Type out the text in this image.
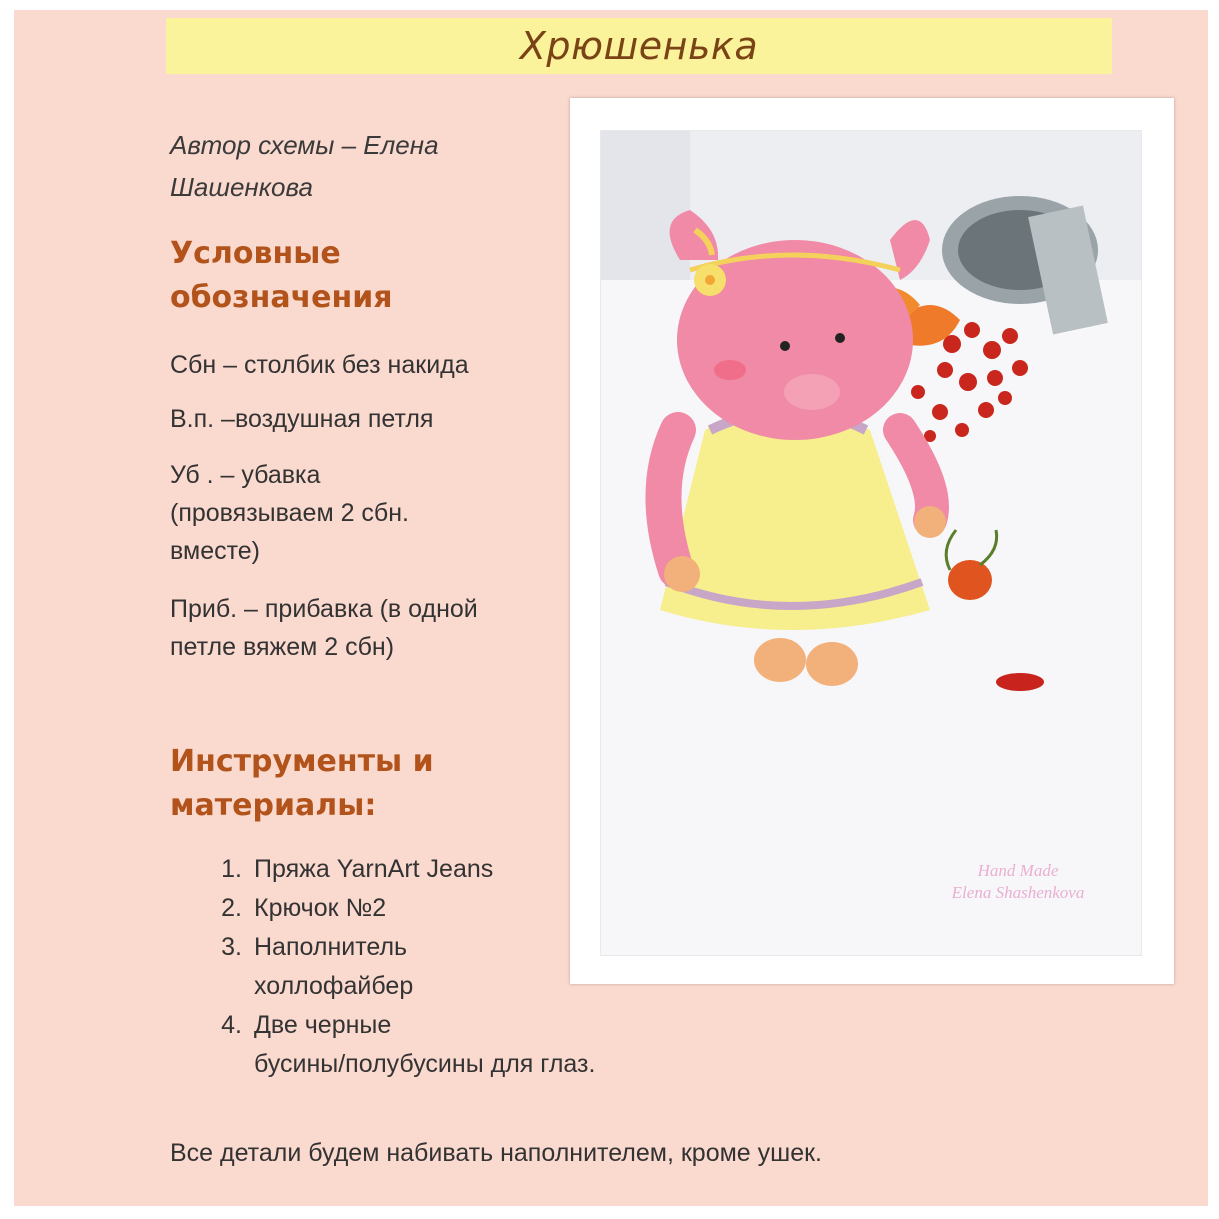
Хрюшенька
Автор схемы – Елена
Шашенкова
Условные
обозначения
Сбн – столбик без накида
В.п. –воздушная петля
Уб . – убавка
(провязываем 2 сбн.
вместе)
Приб. – прибавка (в одной
петле вяжем 2 сбн)
Инструменты и
материалы:
1. Пряжа YarnArt Jeans
2. Крючок №2
3. Наполнитель
холлофайбер
4. Две черные
бусины/полубусины для глаз.
Все детали будем набивать наполнителем, кроме ушек.
Hand Made
Elena Shashenkova
